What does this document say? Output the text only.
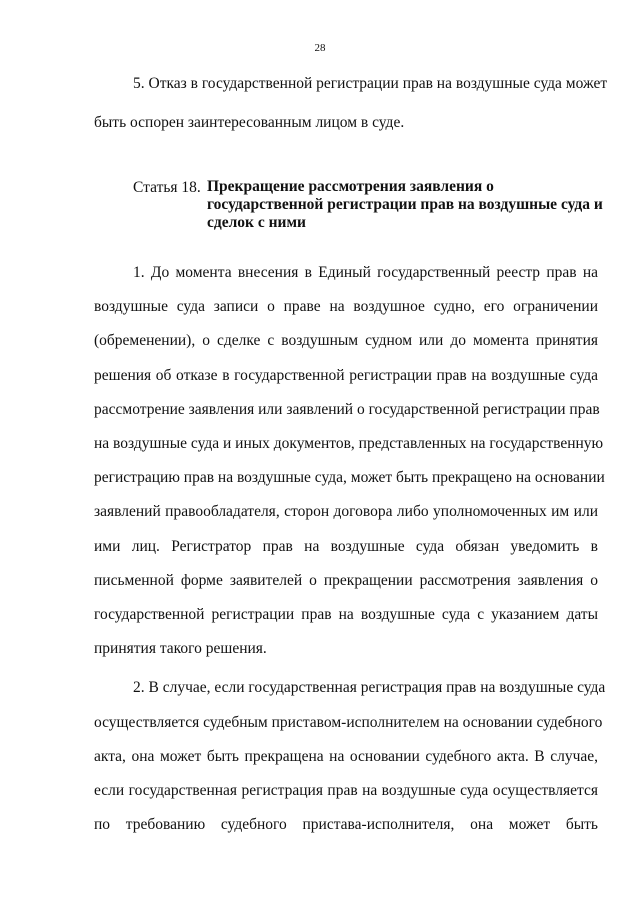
28
5. Отказ в государственной регистрации прав на воздушные суда может
быть оспорен заинтересованным лицом в суде.
Статья 18. Прекращение рассмотрения заявления о
государственной регистрации прав на воздушные суда и
сделок с ними
1. До момента внесения в Единый государственный реестр прав на
воздушные суда записи о праве на воздушное судно, его ограничении
(обременении), о сделке с воздушным судном или до момента принятия
решения об отказе в государственной регистрации прав на воздушные суда
рассмотрение заявления или заявлений о государственной регистрации прав
на воздушные суда и иных документов, представленных на государственную
регистрацию прав на воздушные суда, может быть прекращено на основании
заявлений правообладателя, сторон договора либо уполномоченных им или
ими лиц. Регистратор прав на воздушные суда обязан уведомить в
письменной форме заявителей о прекращении рассмотрения заявления о
государственной регистрации прав на воздушные суда с указанием даты
принятия такого решения.
2. В случае, если государственная регистрация прав на воздушные суда
осуществляется судебным приставом-исполнителем на основании судебного
акта, она может быть прекращена на основании судебного акта. В случае,
если государственная регистрация прав на воздушные суда осуществляется
по требованию судебного пристава-исполнителя, она может быть
